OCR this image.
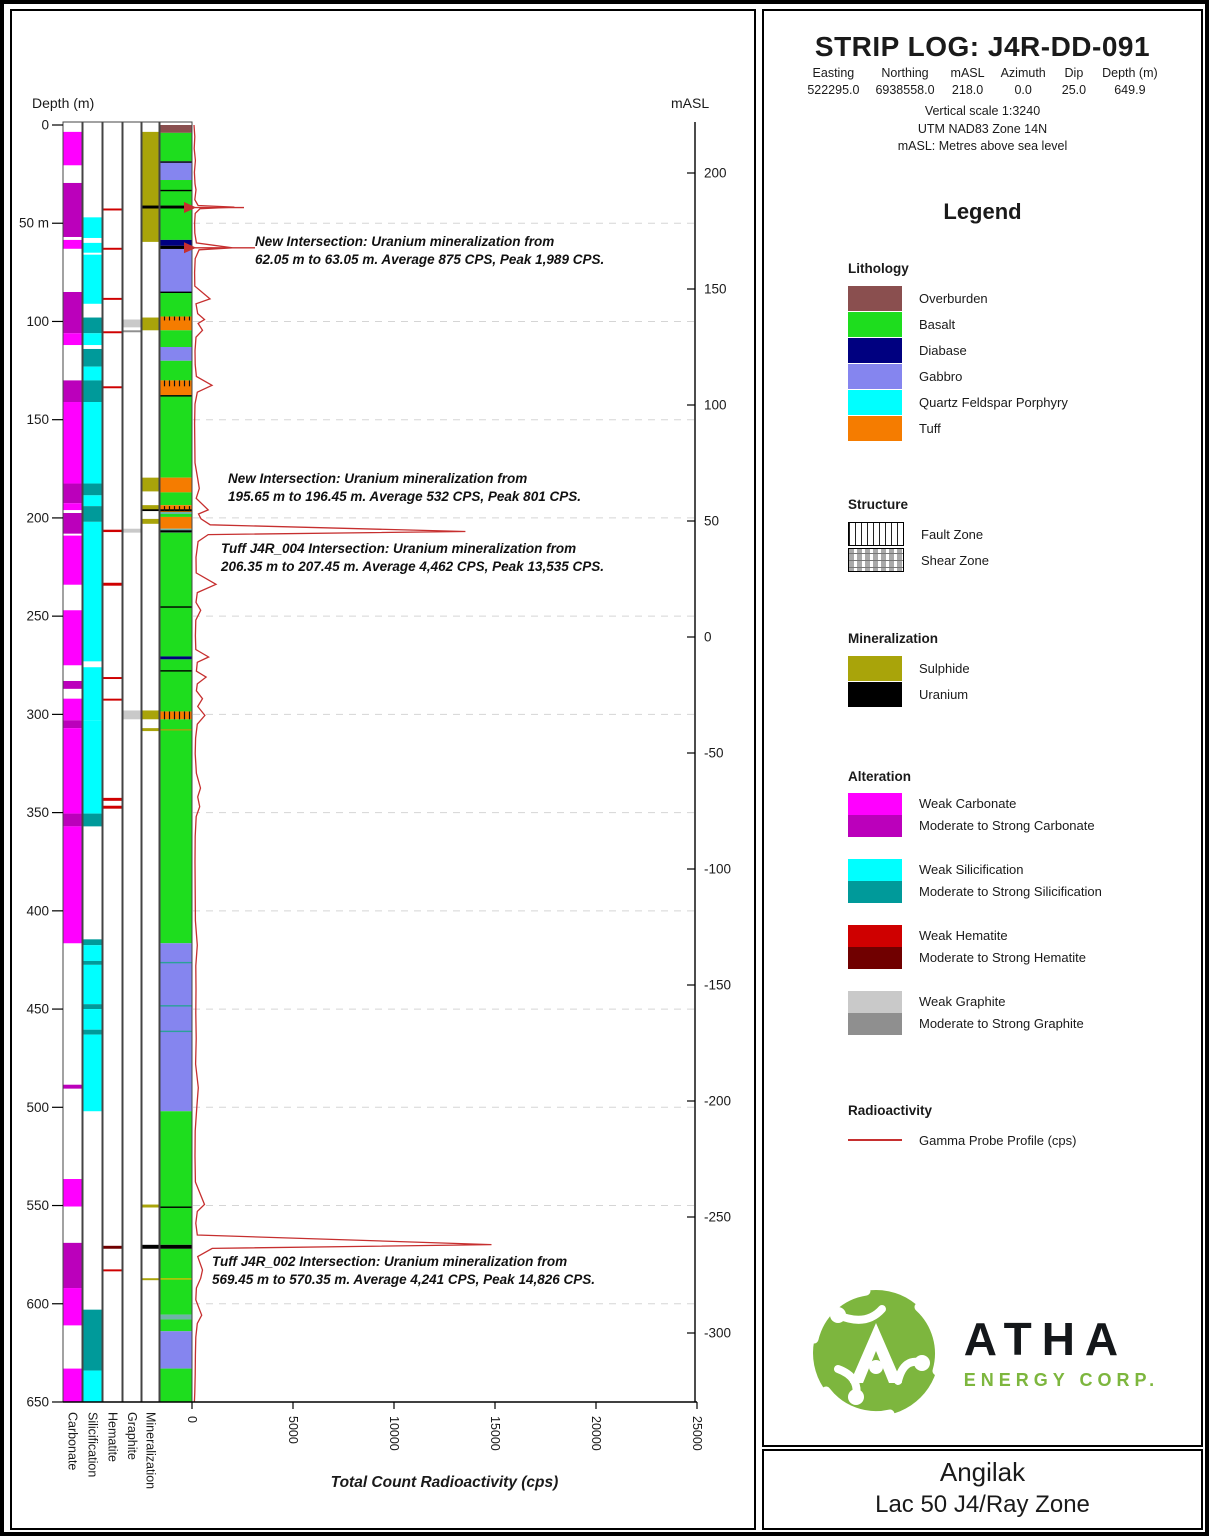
0	5000	10000	15000	20000	25000
0
50 m
100
150
200
250
300
350
400
450
500
550
600
650
200
150
100
50
0
-50
-100
-150
-200
-250
-300
Carbonate Silicification Hematite Graphite Mineralization
Depth (m)	mASL
Total Count Radioactivity (cps)
New Intersection: Uranium mineralization from
62.05 m to 63.05 m. Average 875 CPS, Peak 1,989 CPS.
New Intersection: Uranium mineralization from
195.65 m to 196.45 m. Average 532 CPS, Peak 801 CPS.
Tuff J4R_004 Intersection: Uranium mineralization from
206.35 m to 207.45 m. Average 4,462 CPS, Peak 13,535 CPS.
Tuff J4R_002 Intersection: Uranium mineralization from
569.45 m to 570.35 m. Average 4,241 CPS, Peak 14,826 CPS.
STRIP LOG: J4R-DD-091
Easting
522295.0
Northing
6938558.0
mASL
218.0
Azimuth
0.0
Dip
25.0
Depth (m)
649.9
Vertical scale 1:3240
UTM NAD83 Zone 14N
mASL: Metres above sea level
Legend
Lithology
Overburden
Basalt
Diabase
Gabbro
Quartz Feldspar Porphyry
Tuff
Structure
Fault Zone
Shear Zone
Mineralization
Sulphide
Uranium
Alteration
Weak Carbonate
Moderate to Strong Carbonate
Weak Silicification
Moderate to Strong Silicification
Weak Hematite
Moderate to Strong Hematite
Weak Graphite
Moderate to Strong Graphite
Radioactivity
Gamma Probe Profile (cps)
ATHA
ENERGY CORP.
Angilak
Lac 50 J4/Ray Zone
